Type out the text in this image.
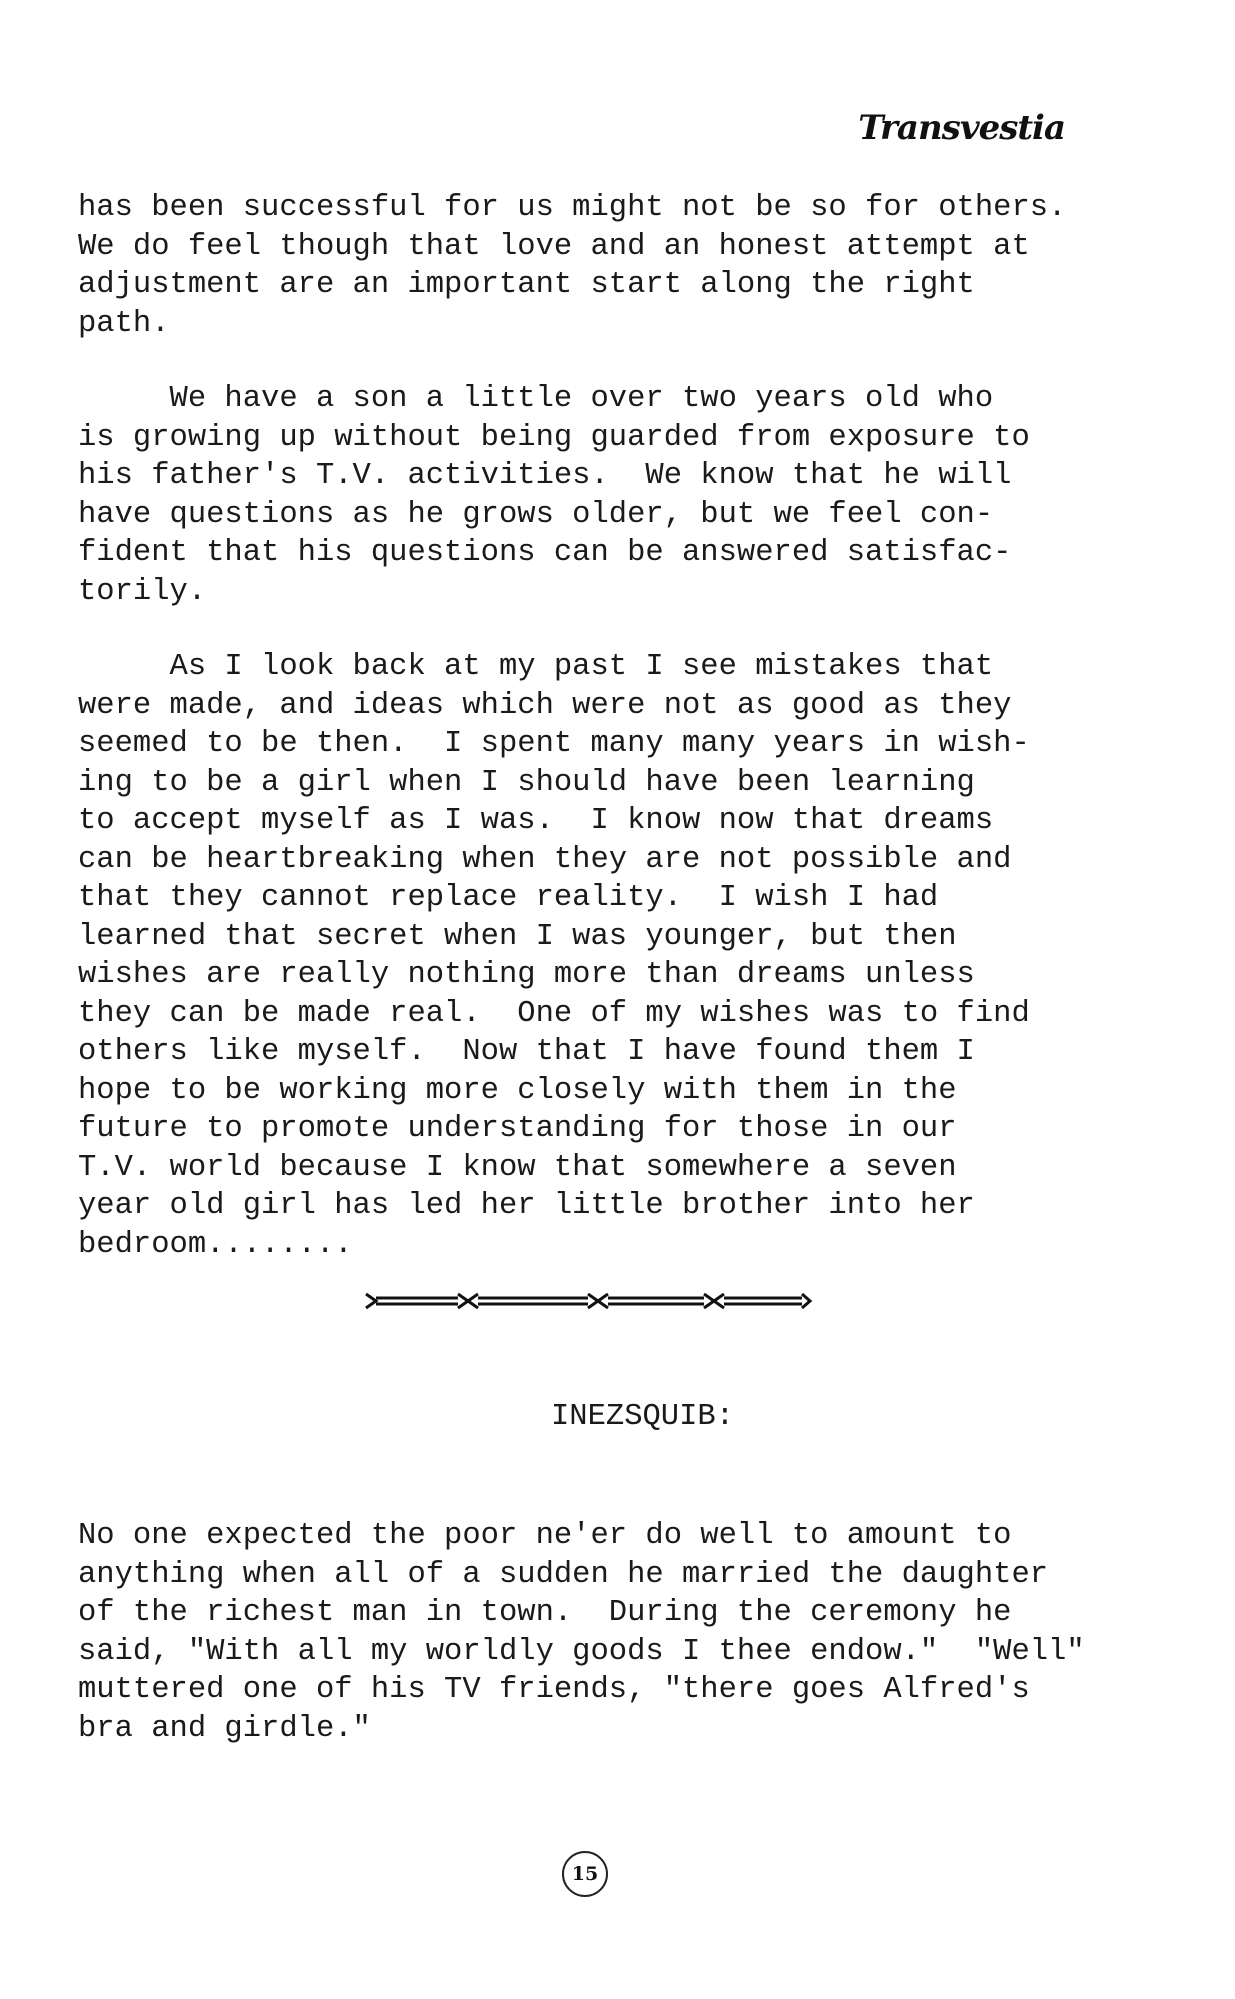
Transvestia

has been successful for us might not be so for others.
We do feel though that love and an honest attempt at
adjustment are an important start along the right
path.

We have a son a little over two years old who
is growing up without being guarded from exposure to
his father's T.V. activities.  We know that he will
have questions as he grows older, but we feel con-
fident that his questions can be answered satisfac-
torily.

As I look back at my past I see mistakes that
were made, and ideas which were not as good as they
seemed to be then.  I spent many many years in wish-
ing to be a girl when I should have been learning
to accept myself as I was.  I know now that dreams
can be heartbreaking when they are not possible and
that they cannot replace reality.  I wish I had
learned that secret when I was younger, but then
wishes are really nothing more than dreams unless
they can be made real.  One of my wishes was to find
others like myself.  Now that I have found them I
hope to be working more closely with them in the
future to promote understanding for those in our
T.V. world because I know that somewhere a seven
year old girl has led her little brother into her
bedroom........

INEZSQUIB:

No one expected the poor ne'er do well to amount to
anything when all of a sudden he married the daughter
of the richest man in town.  During the ceremony he
said, "With all my worldly goods I thee endow."  "Well"
muttered one of his TV friends, "there goes Alfred's
bra and girdle."

15
